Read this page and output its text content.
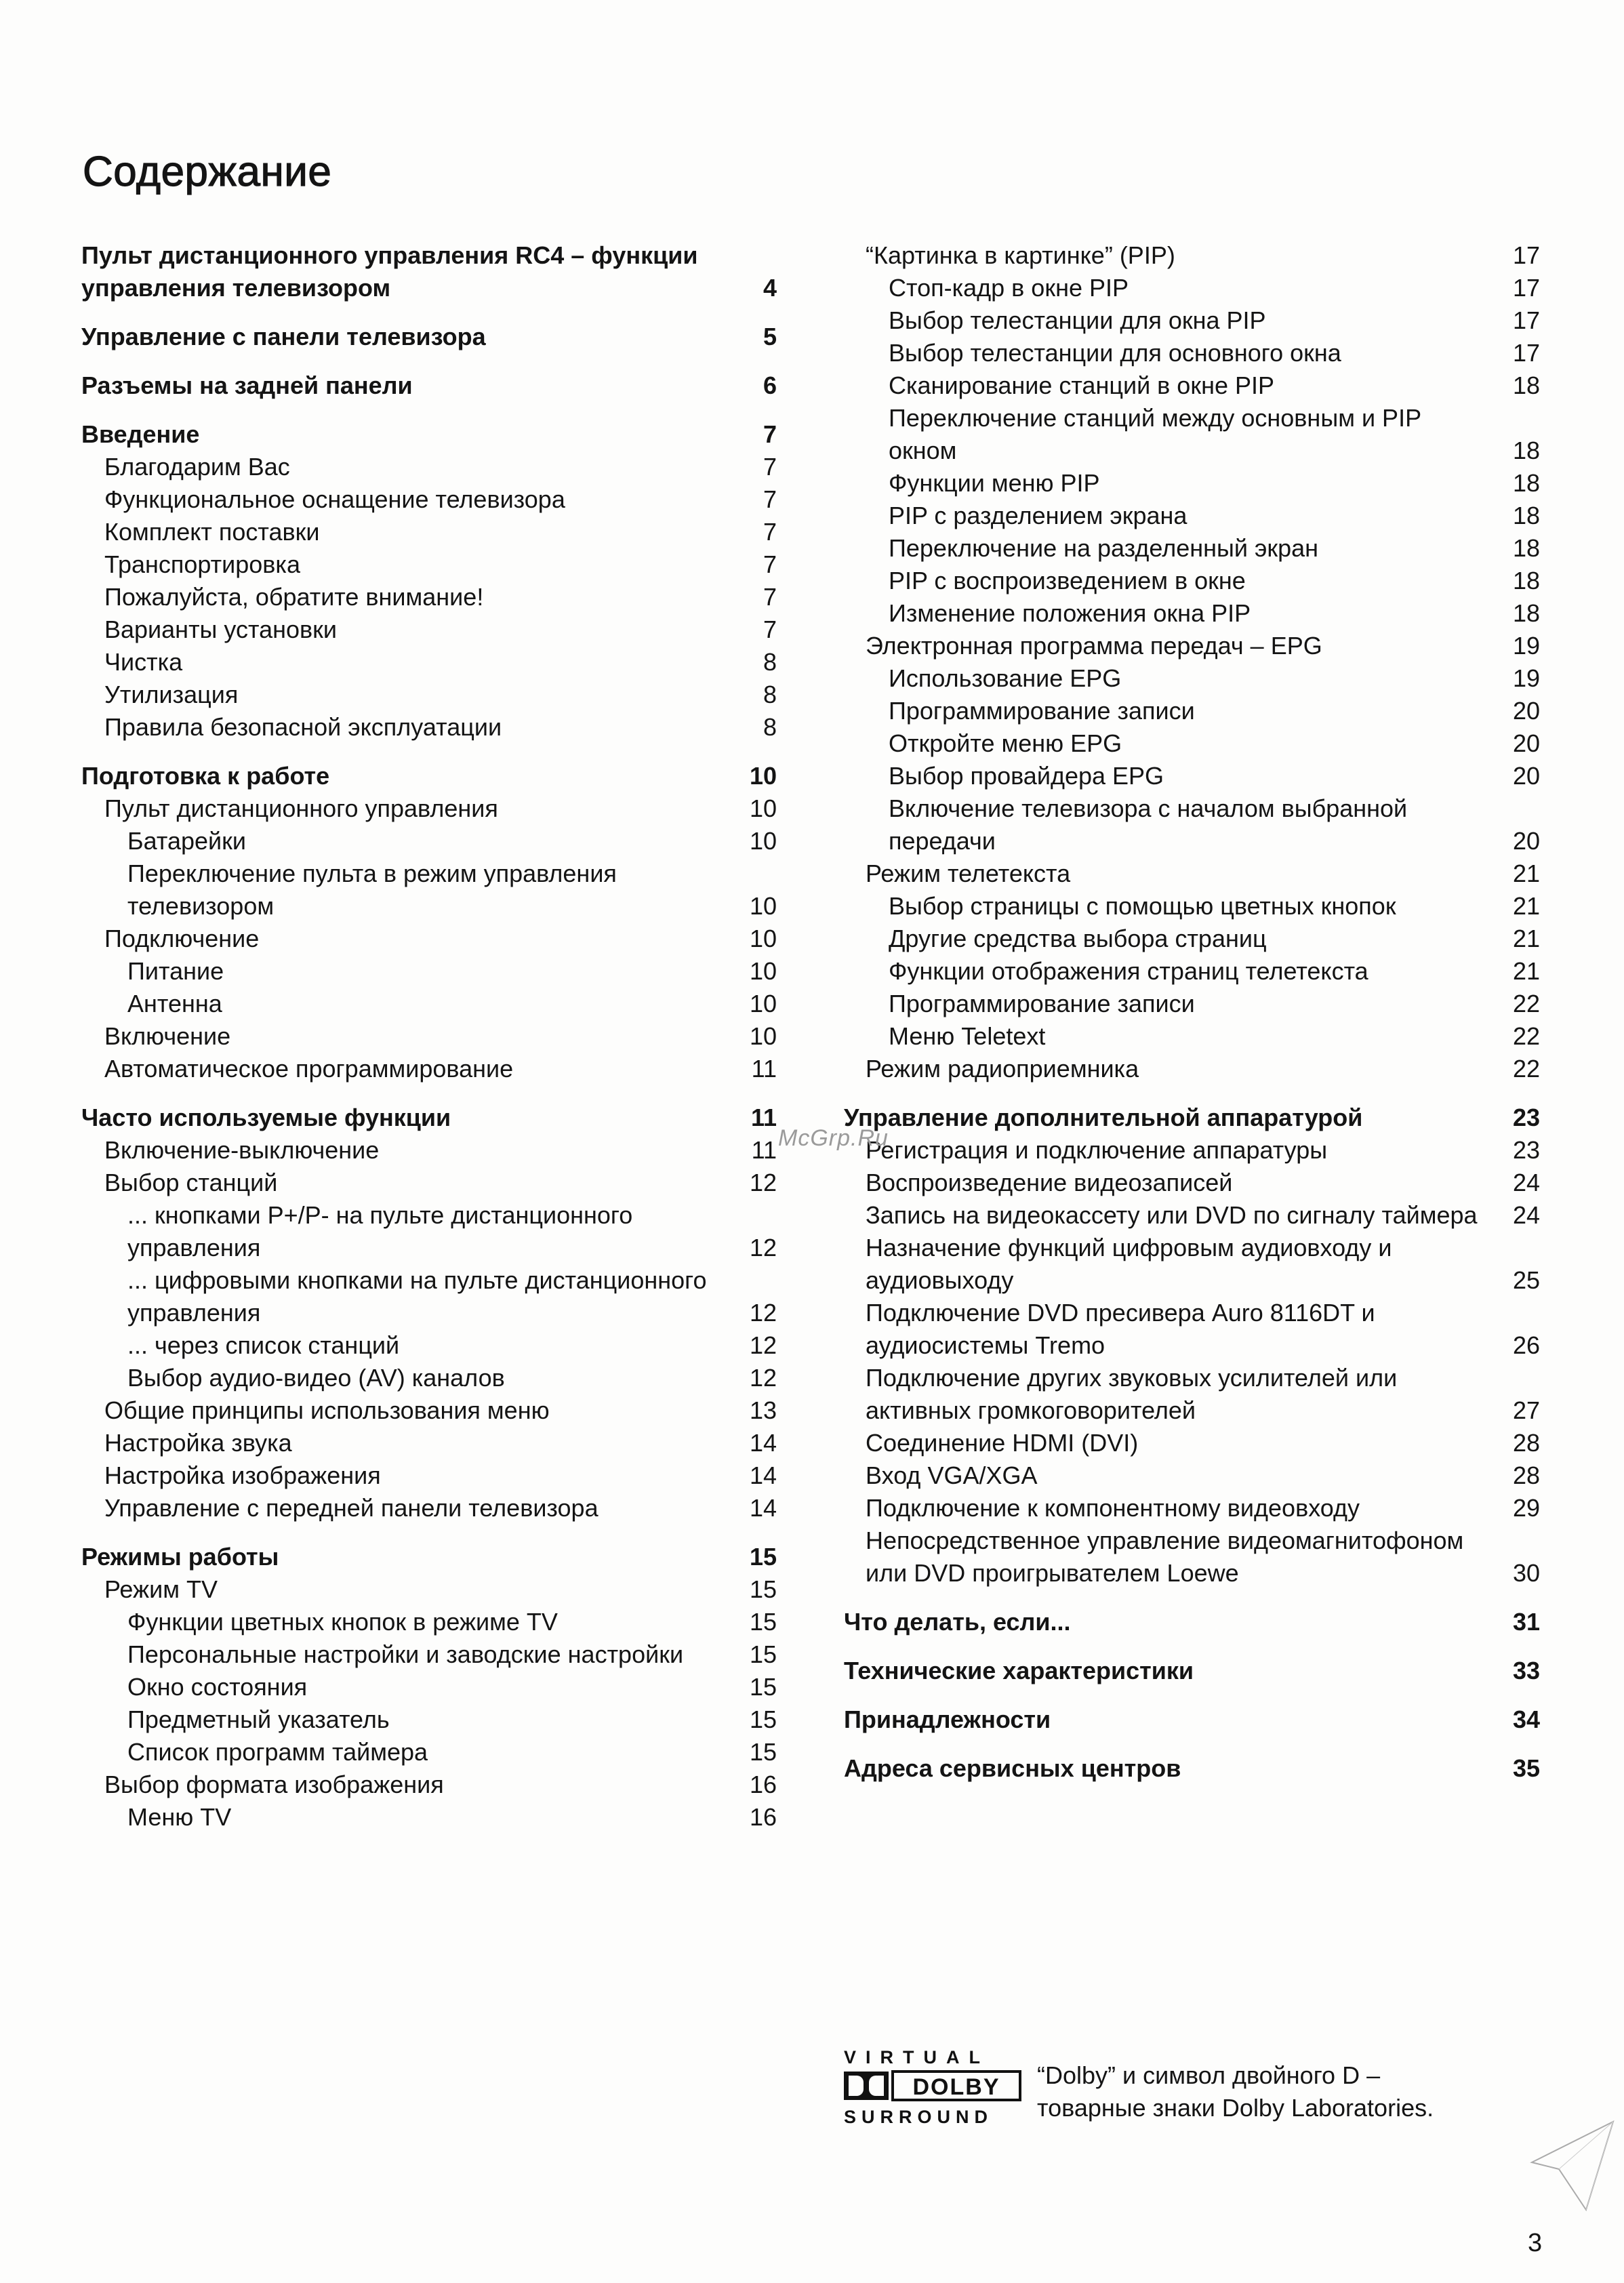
Содержание
Пульт дистанционного управления RC4 – функции управления телевизором	4
Управление с панели телевизора	5
Разъемы на задней панели	6
Введение	7
Благодарим Вас	7
Функциональное оснащение телевизора	7
Комплект поставки	7
Транспортировка	7
Пожалуйста, обратите внимание!	7
Варианты установки	7
Чистка	8
Утилизация	8
Правила безопасной эксплуатации	8
Подготовка к работе	10
Пульт дистанционного управления	10
Батарейки	10
Переключение пульта в режим управления телевизором	10
Подключение	10
Питание	10
Антенна	10
Включение	10
Автоматическое программирование	11
Часто используемые функции	11
Включение-выключение	11
Выбор станций	12
... кнопками P+/P- на пульте дистанционного управления	12
... цифровыми кнопками на пульте дистанционного управления	12
... через список станций	12
Выбор аудио-видео (AV) каналов	12
Общие принципы использования меню	13
Настройка звука	14
Настройка изображения	14
Управление с передней панели телевизора	14
Режимы работы	15
Режим TV	15
Функции цветных кнопок в режиме TV	15
Персональные настройки и заводские настройки	15
Окно состояния	15
Предметный указатель	15
Список программ таймера	15
Выбор формата изображения	16
Меню TV	16
“Картинка в картинке” (PIP)	17
Стоп-кадр в окне PIP	17
Выбор телестанции для окна PIP	17
Выбор телестанции для основного окна	17
Сканирование станций в окне PIP	18
Переключение станций между основным и PIP окном	18
Функции меню PIP	18
PIP с разделением экрана	18
Переключение на разделенный экран	18
PIP с воспроизведением в окне	18
Изменение положения окна PIP	18
Электронная программа передач – EPG	19
Использование EPG	19
Программирование записи	20
Откройте меню EPG	20
Выбор провайдера EPG	20
Включение телевизора с началом выбранной передачи	20
Режим телетекста	21
Выбор страницы с помощью цветных кнопок	21
Другие средства выбора страниц	21
Функции отображения страниц телетекста	21
Программирование записи	22
Меню Teletext	22
Режим радиоприемника	22
Управление дополнительной аппаратурой	23
Регистрация и подключение аппаратуры	23
Воспроизведение видеозаписей	24
Запись на видеокассету или DVD по сигналу таймера	24
Назначение функций цифровым аудиовходу и аудиовыходу	25
Подключение DVD пресивера Auro 8116DT и аудиосистемы Tremo	26
Подключение других звуковых усилителей или активных громкоговорителей	27
Соединение HDMI (DVI)	28
Вход VGA/XGA	28
Подключение к компонентному видеовходу	29
Непосредственное управление видеомагнитофоном или DVD проигрывателем Loewe	30
Что делать, если...	31
Технические характеристики	33
Принадлежности	34
Адреса сервисных центров	35
McGrp.Ru
VIRTUAL
DOLBY
SURROUND
“Dolby” и символ двойного D – товарные знаки Dolby Laboratories.
3
